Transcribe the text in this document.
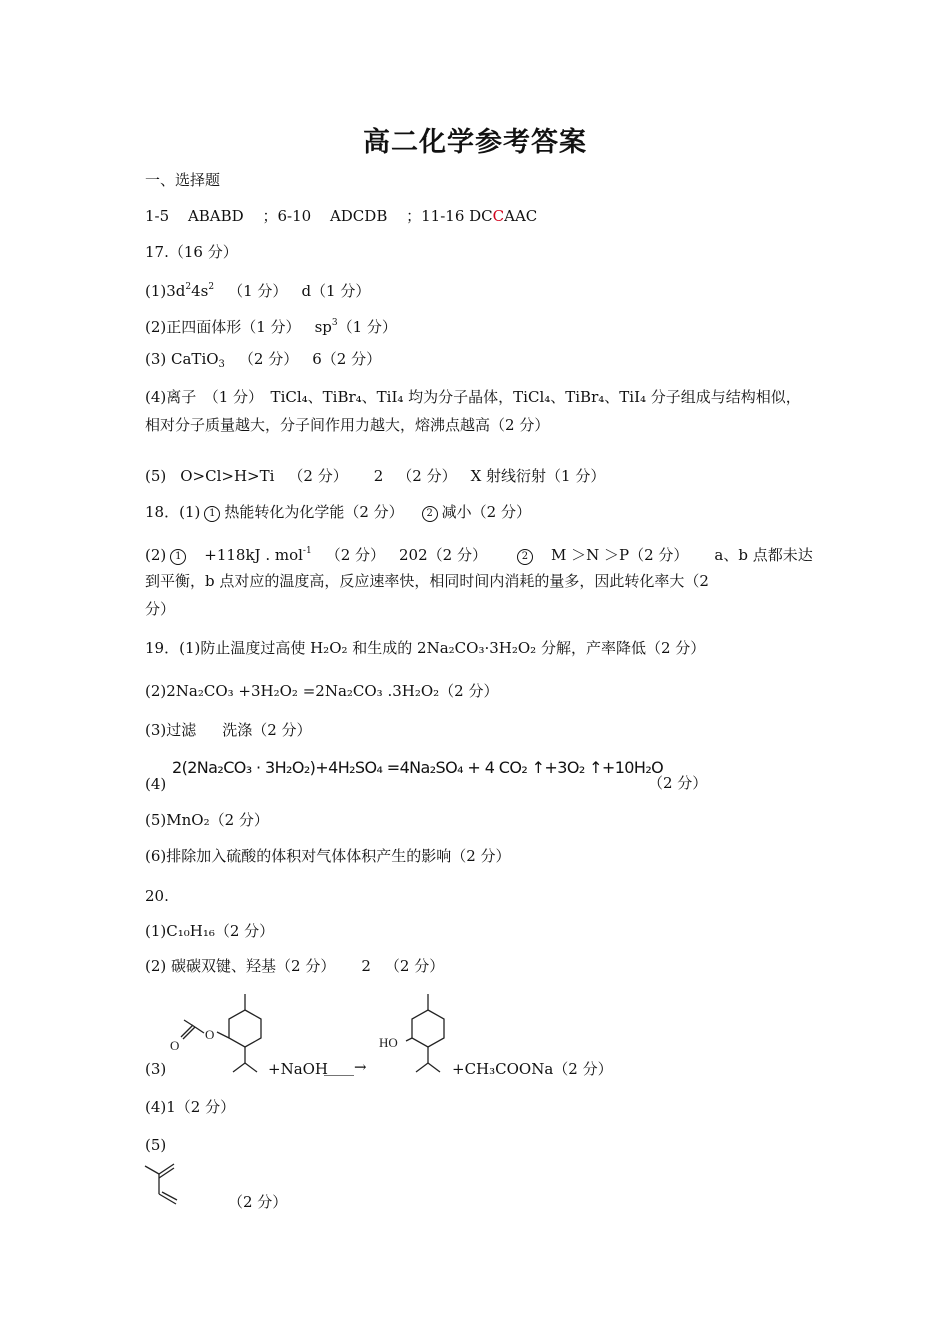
高二化学参考答案
一、选择题
1-5 ABABD ；6-10 ADCDB ；11-16 DCCAAC
17.（16 分）
$(1)3d^24s^2$ （1 分） d（1 分）
(2)正四面体形（1 分） $sp^3(1$ 分）
(3) CaTiO$_3$ （2 分） 6（2 分）
(4)离子　（1 分）　TiCl₄、TiBr₄、TiI₄ 均为分子晶体，TiCl₄、TiBr₄、TiI₄ 分子组成与结构相似，相对分子质量越大，分子间作用力越大，熔沸点越高（2 分）
(5) O>Cl>H>Ti （2 分） 2 （2 分） X 射线衍射（1 分）
18．(1) 1 热能转化为化学能（2 分） 2 减小（2 分）
(2) 1 +118kJ . mol$^{-1}$ （2 分） 202（2 分）	2 M ＞N ＞P（2 分） a、b 点都未达
到平衡，b 点对应的温度高，反应速率快，相同时间内消耗的量多，因此转化率大（2
分）
19．(1)防止温度过高使 H₂O₂ 和生成的 2Na₂CO₃·3H₂O₂ 分解，产率降低（2 分）
(2)2Na₂CO₃ +3H₂O₂ =2Na₂CO₃ .3H₂O₂（2 分）
(3)过滤 洗涤（2 分）
(4)
2(2Na₂CO₃ · 3H₂O₂)+4H₂SO₄ =4Na₂SO₄ + 4 CO₂ ↑+3O₂ ↑+10H₂O
（2 分）
(5)MnO₂（2 分）
(6)排除加入硫酸的体积对气体体积产生的影响（2 分）
20.
(1)C₁₀H₁₆（2 分）
(2) 碳碳双键、羟基（2 分） 2 （2 分）
(3)
O
O
+NaOH
____→
HO
+CH₃COONa（2 分）
(4)1（2 分）
(5)
（2 分）
